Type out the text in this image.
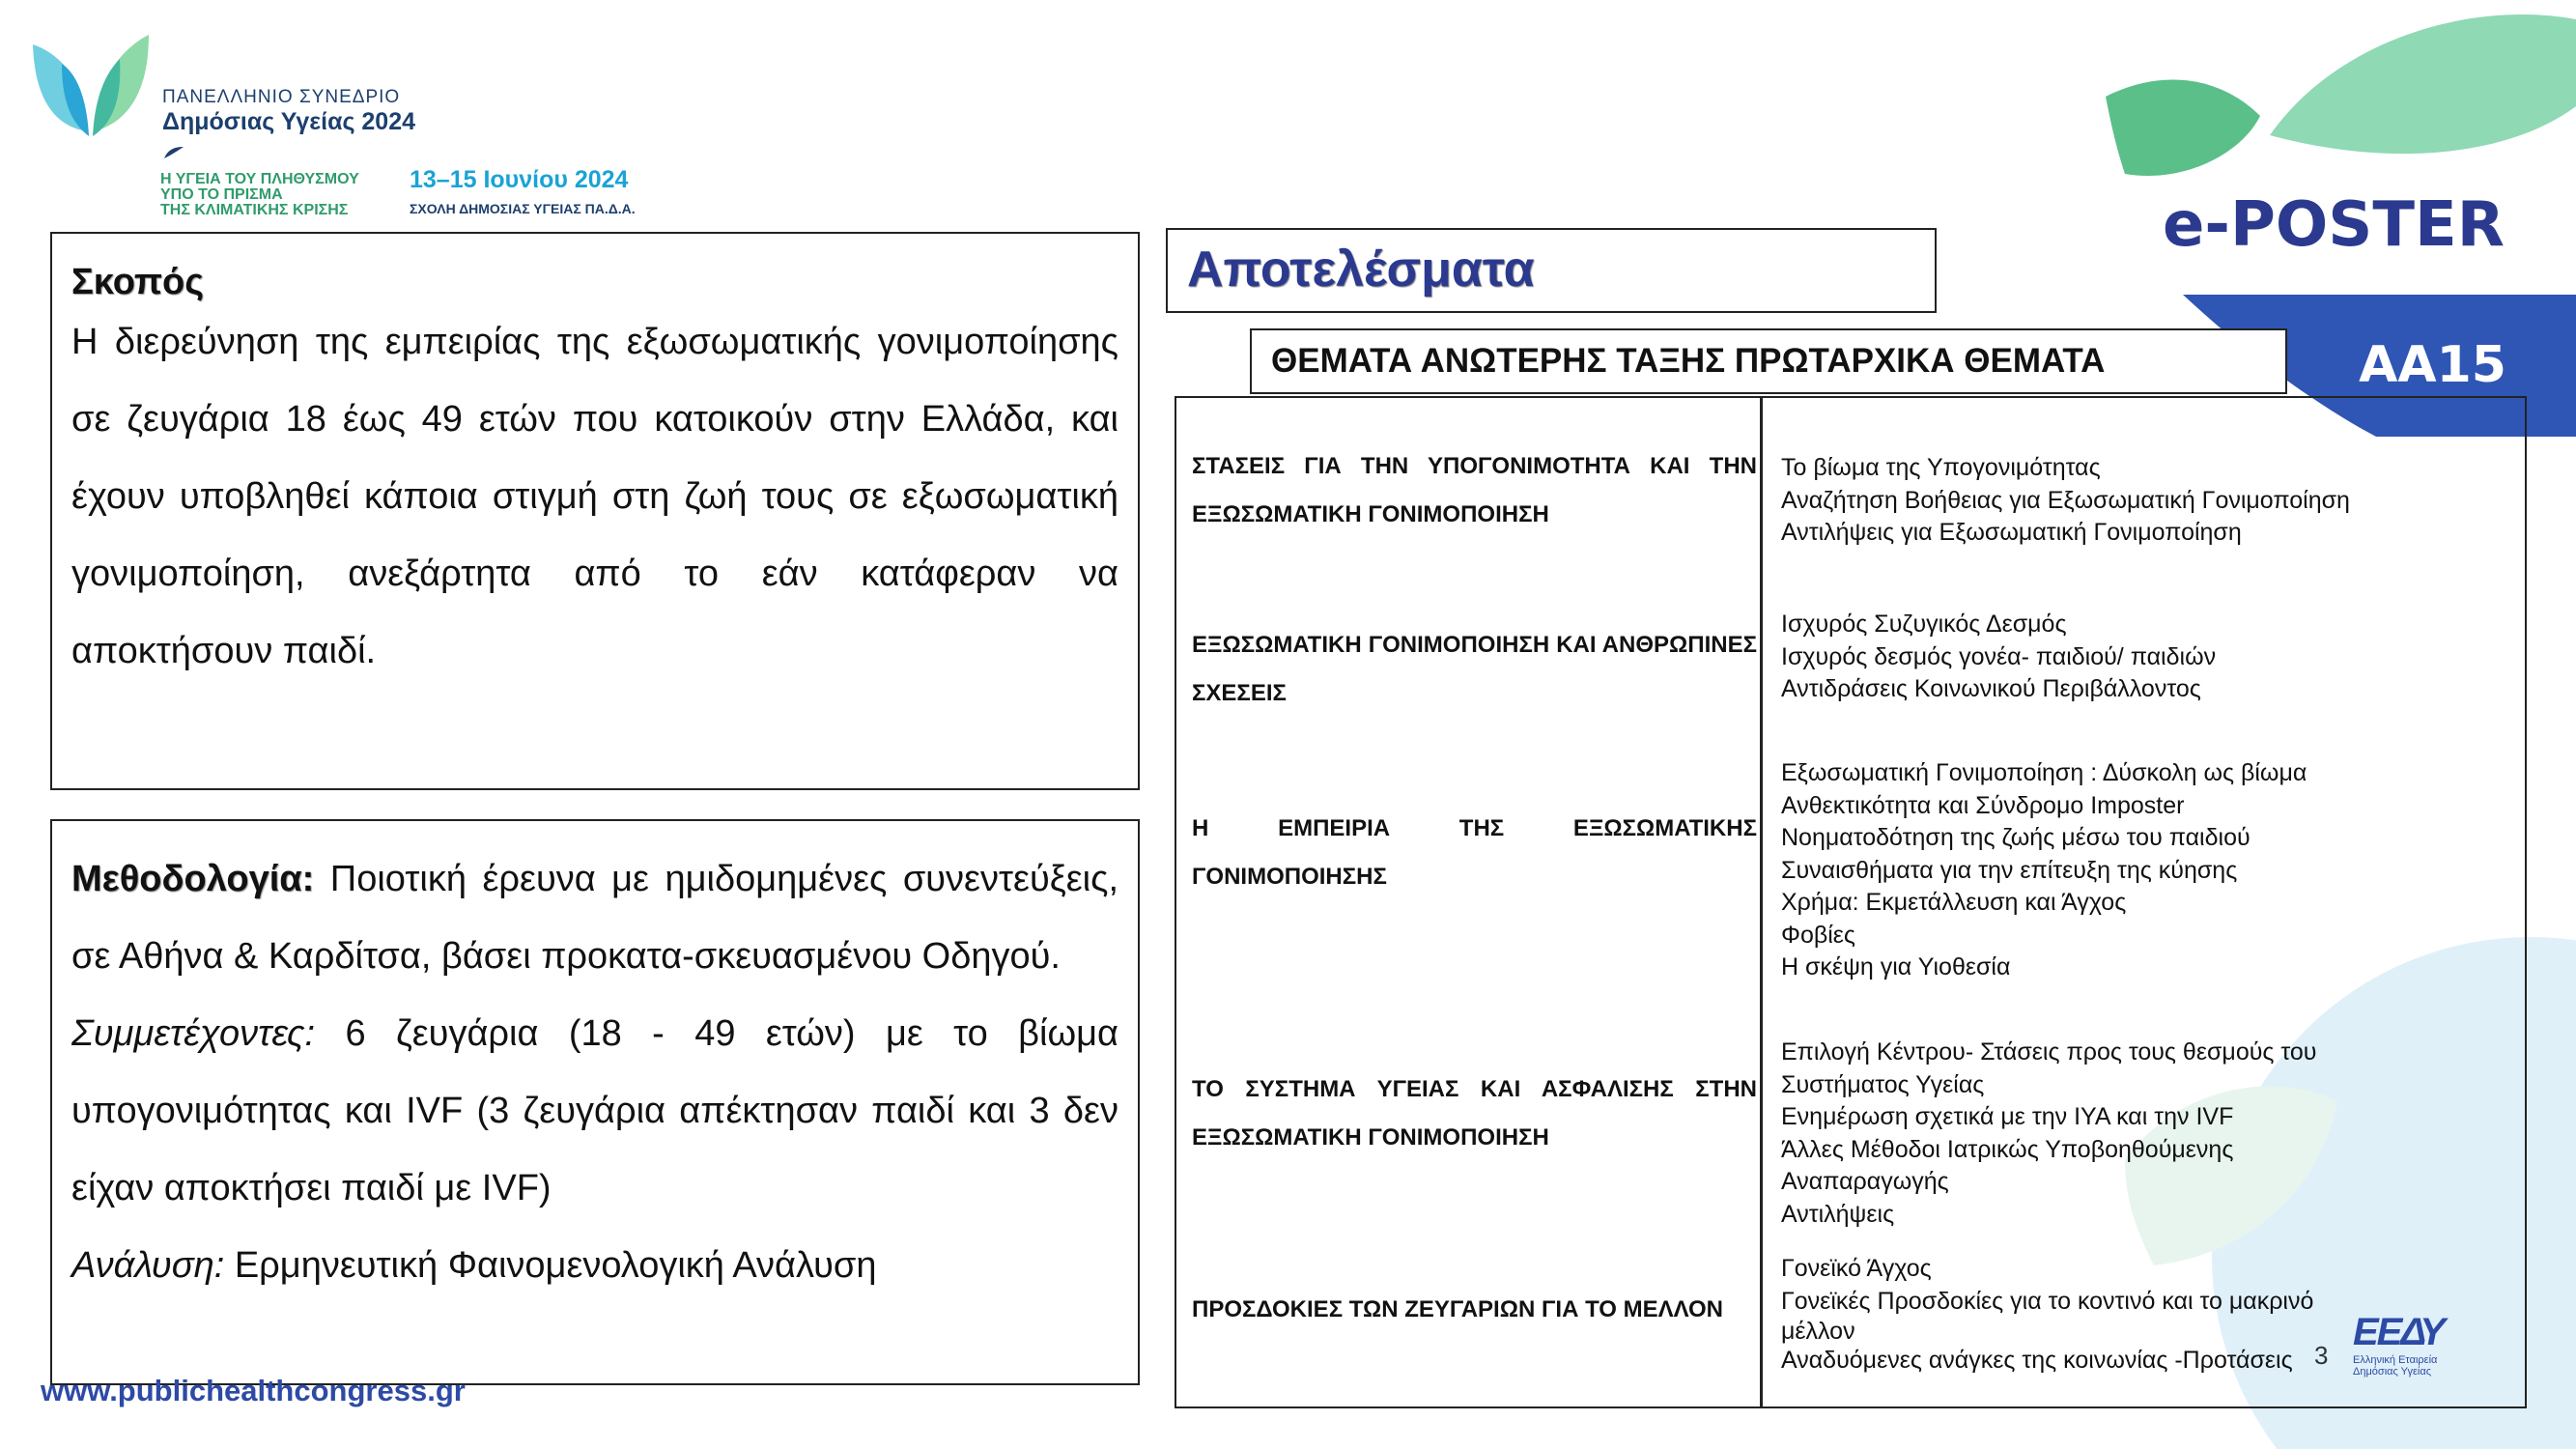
ΠΑΝΕΛΛΗΝΙΟ ΣΥΝΕΔΡΙΟ
Δημόσιας Υγείας 2024
Η ΥΓΕΙΑ ΤΟΥ ΠΛΗΘΥΣΜΟΥ
ΥΠΟ ΤΟ ΠΡΙΣΜΑ
ΤΗΣ ΚΛΙΜΑΤΙΚΗΣ ΚΡΙΣΗΣ
13–15 Ιουνίου 2024
ΣΧΟΛΗ ΔΗΜΟΣΙΑΣ ΥΓΕΙΑΣ ΠΑ.Δ.Α.	e-POSTER
ΑΑ15

Σκοπός

Η διερεύνηση της εμπειρίας της εξωσωματικής γονιμοποίησης σε ζευγάρια 18 έως 49 ετών που κατοικούν στην Ελλάδα, και έχουν υποβληθεί κάποια στιγμή στη ζωή τους σε εξωσωματική γονιμοποίηση, ανεξάρτητα από το εάν κατάφεραν να αποκτήσουν παιδί.

Μεθοδολογία: Ποιοτική έρευνα με ημιδομημένες συνεντεύξεις, σε Αθήνα & Καρδίτσα, βάσει προκατα-σκευασμένου Οδηγού.

Συμμετέχοντες: 6 ζευγάρια (18 - 49 ετών) με το βίωμα υπογονιμότητας και IVF (3 ζευγάρια απέκτησαν παιδί και 3 δεν είχαν αποκτήσει παιδί με IVF)

Ανάλυση: Ερμηνευτική Φαινομενολογική Ανάλυση

www.publichealthcongress.gr
Αποτελέσματα
ΘΕΜΑΤΑ ΑΝΩΤΕΡΗΣ ΤΑΞΗΣ ΠΡΩΤΑΡΧΙΚΑ ΘΕΜΑΤΑ
ΣΤΑΣΕΙΣ ΓΙΑ ΤΗΝ ΥΠΟΓΟΝΙΜΟΤΗΤΑ ΚΑΙ ΤΗΝ ΕΞΩΣΩΜΑΤΙΚΗ ΓΟΝΙΜΟΠΟΙΗΣΗ
Το βίωμα της Υπογονιμότητας
Αναζήτηση Βοήθειας για Εξωσωματική Γονιμοποίηση
Αντιλήψεις για Εξωσωματική Γονιμοποίηση
ΕΞΩΣΩΜΑΤΙΚΗ ΓΟΝΙΜΟΠΟΙΗΣΗ ΚΑΙ ΑΝΘΡΩΠΙΝΕΣ ΣΧΕΣΕΙΣ
Ισχυρός Συζυγικός Δεσμός
Ισχυρός δεσμός γονέα- παιδιού/ παιδιών
Αντιδράσεις Κοινωνικού Περιβάλλοντος
Η ΕΜΠΕΙΡΙΑ ΤΗΣ ΕΞΩΣΩΜΑΤΙΚΗΣ ΓΟΝΙΜΟΠΟΙΗΣΗΣ
Εξωσωματική Γονιμοποίηση : Δύσκολη ως βίωμα
Ανθεκτικότητα και Σύνδρομο Imposter
Νοηματοδότηση της ζωής μέσω του παιδιού
Συναισθήματα για την επίτευξη της κύησης
Χρήμα: Εκμετάλλευση και Άγχος
Φοβίες
Η σκέψη για Υιοθεσία
ΤΟ ΣΥΣΤΗΜΑ ΥΓΕΙΑΣ ΚΑΙ ΑΣΦΑΛΙΣΗΣ ΣΤΗΝ ΕΞΩΣΩΜΑΤΙΚΗ ΓΟΝΙΜΟΠΟΙΗΣΗ
Επιλογή Κέντρου- Στάσεις προς τους θεσμούς του
Συστήματος Υγείας
Ενημέρωση σχετικά με την ΙΥΑ και την IVF
Άλλες Μέθοδοι Ιατρικώς Υποβοηθούμενης
Αναπαραγωγής
Αντιλήψεις
ΠΡΟΣΔΟΚΙΕΣ ΤΩΝ ΖΕΥΓΑΡΙΩΝ ΓΙΑ ΤΟ ΜΕΛΛΟΝ
Γονεϊκό Άγχος
Γονεϊκές Προσδοκίες για το κοντινό και το μακρινό
μέλλον
Αναδυόμενες ανάγκες της κοινωνίας -Προτάσεις 3
ΕΕΔΥ
Ελληνική Εταιρεία
Δημόσιας Υγείας
